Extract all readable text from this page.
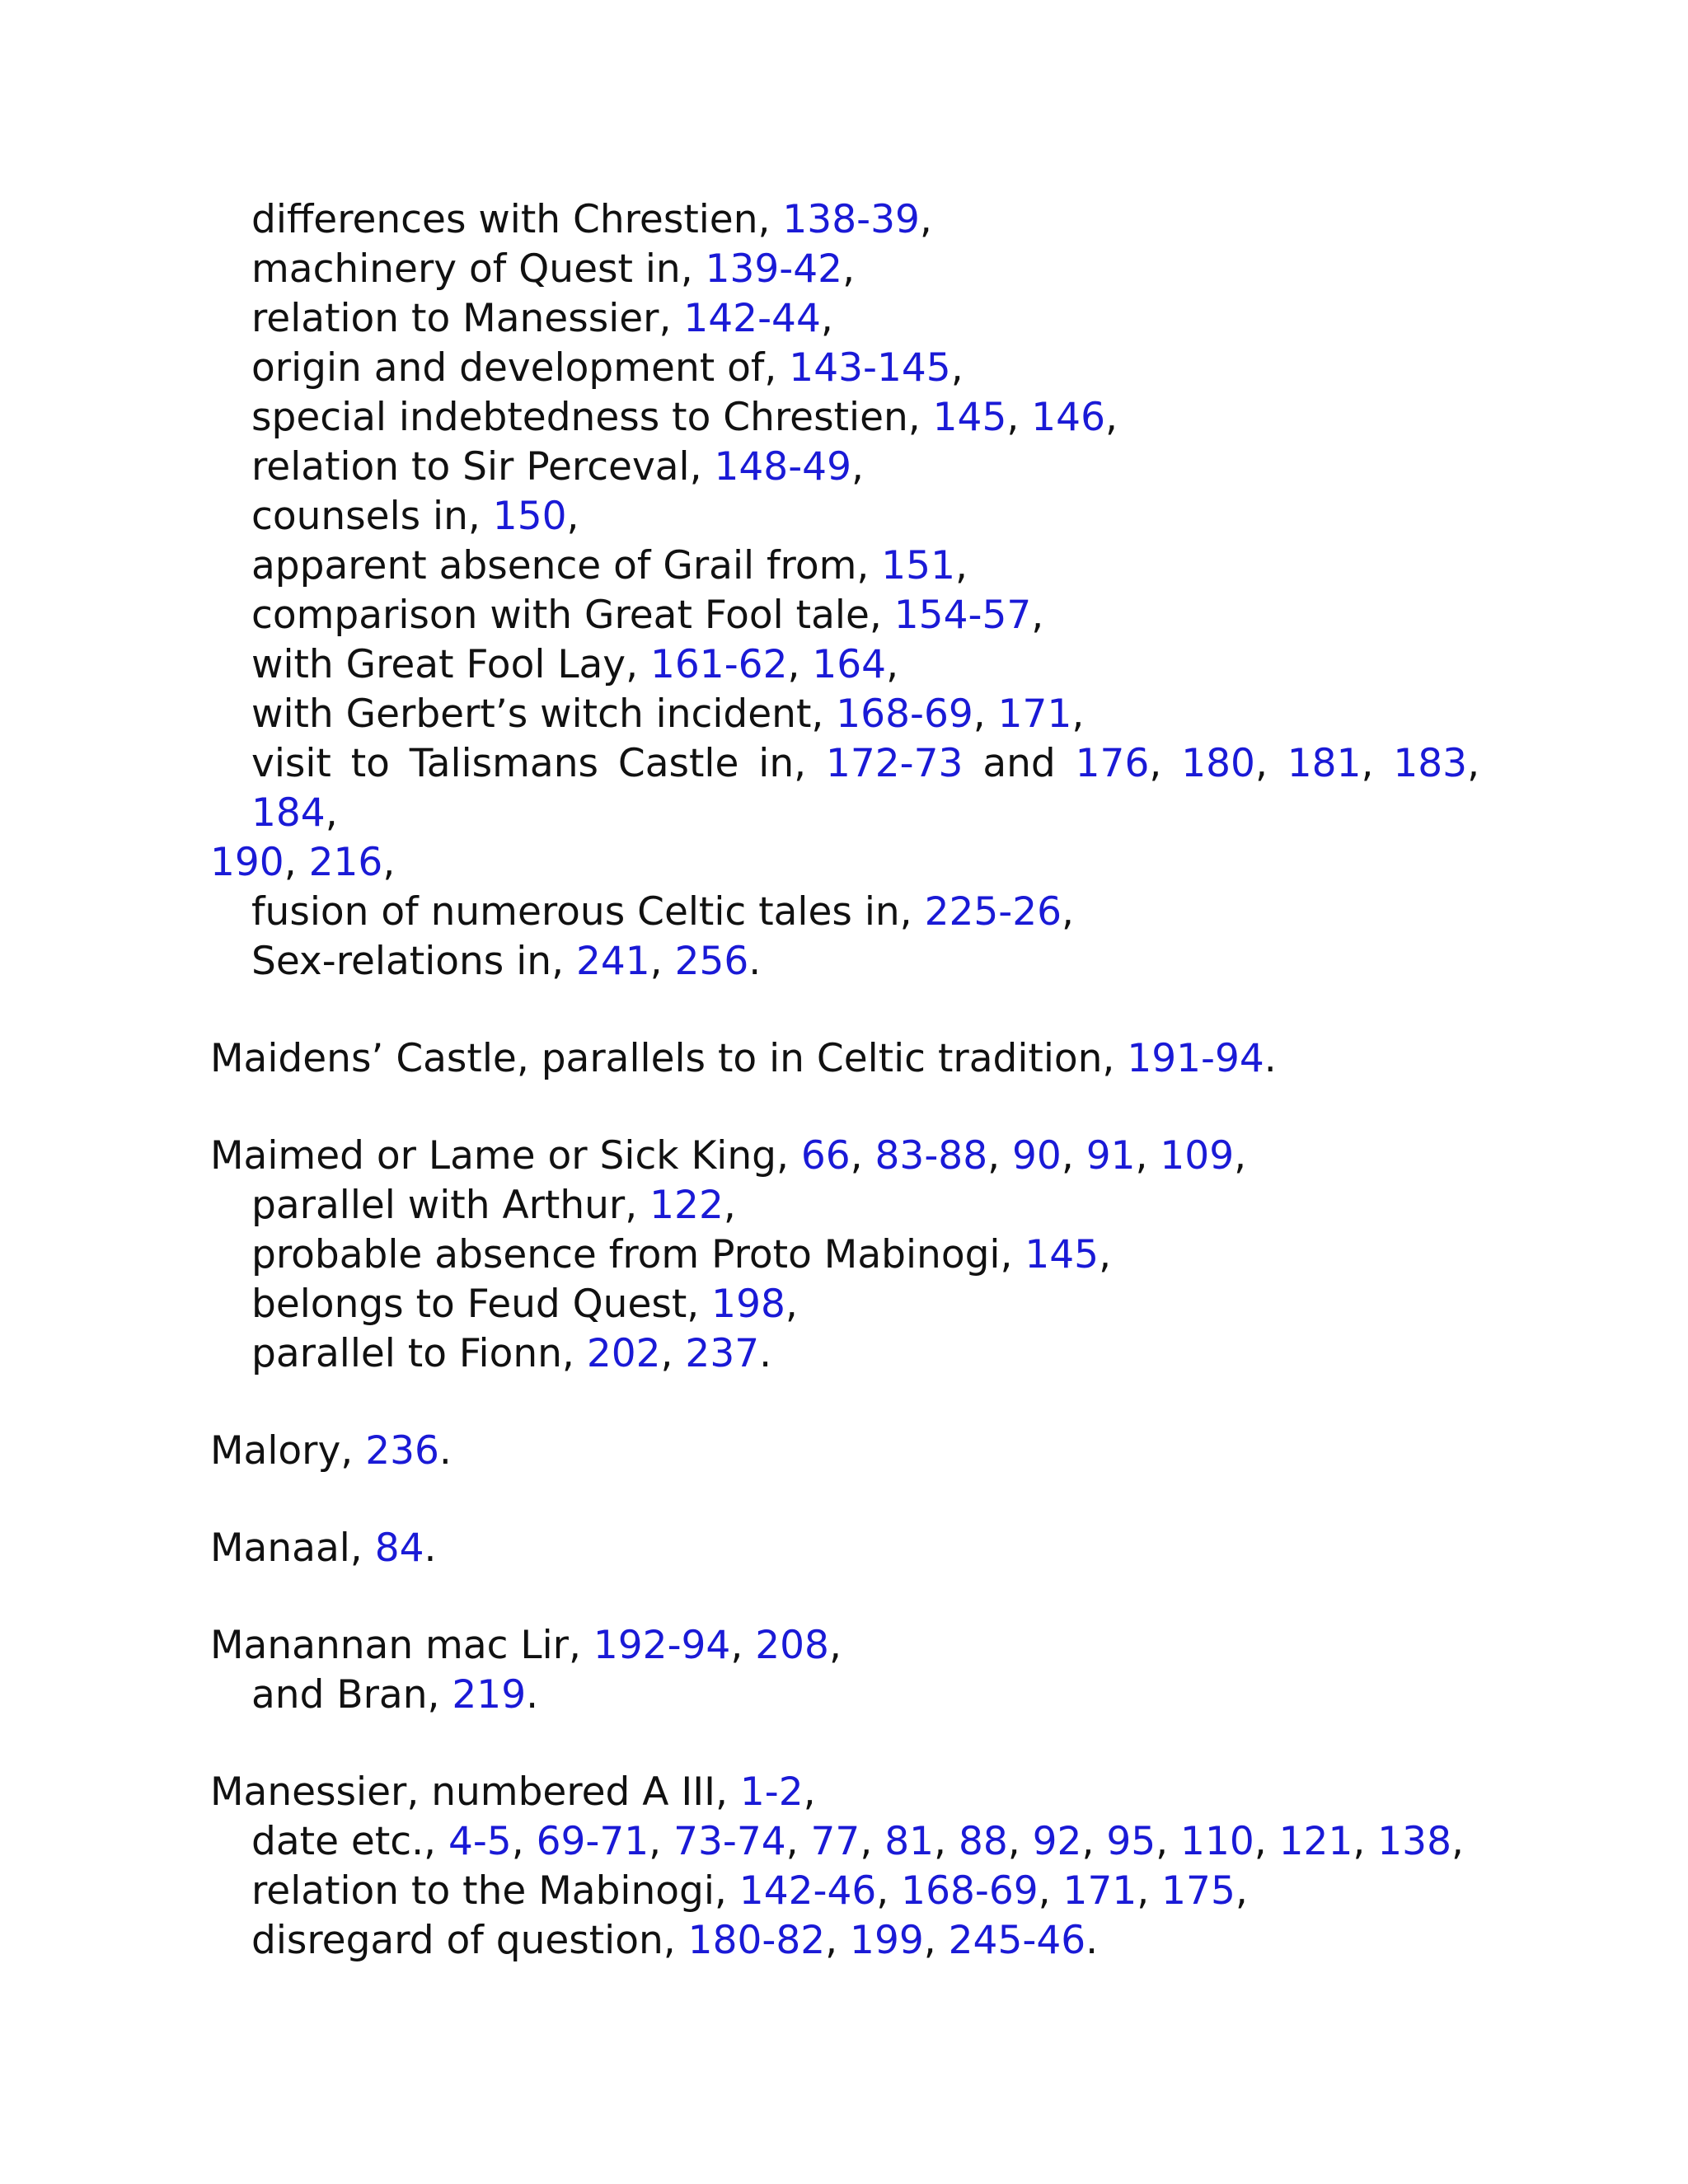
differences with Chrestien, 138-39,
machinery of Quest in, 139-42,
relation to Manessier, 142-44,
origin and development of, 143-145,
special indebtedness to Chrestien, 145, 146,
relation to Sir Perceval, 148-49,
counsels in, 150,
apparent absence of Grail from, 151,
comparison with Great Fool tale, 154-57,
with Great Fool Lay, 161-62, 164,
with Gerbert’s witch incident, 168-69, 171,
visit to Talismans Castle in, 172-73 and 176, 180, 181, 183, 184,
190, 216,
fusion of numerous Celtic tales in, 225-26,
Sex-relations in, 241, 256.
Maidens’ Castle, parallels to in Celtic tradition, 191-94.
Maimed or Lame or Sick King, 66, 83-88, 90, 91, 109,
parallel with Arthur, 122,
probable absence from Proto Mabinogi, 145,
belongs to Feud Quest, 198,
parallel to Fionn, 202, 237.
Malory, 236.
Manaal, 84.
Manannan mac Lir, 192-94, 208,
and Bran, 219.
Manessier, numbered A III, 1-2,
date etc., 4-5, 69-71, 73-74, 77, 81, 88, 92, 95, 110, 121, 138,
relation to the Mabinogi, 142-46, 168-69, 171, 175,
disregard of question, 180-82, 199, 245-46.
